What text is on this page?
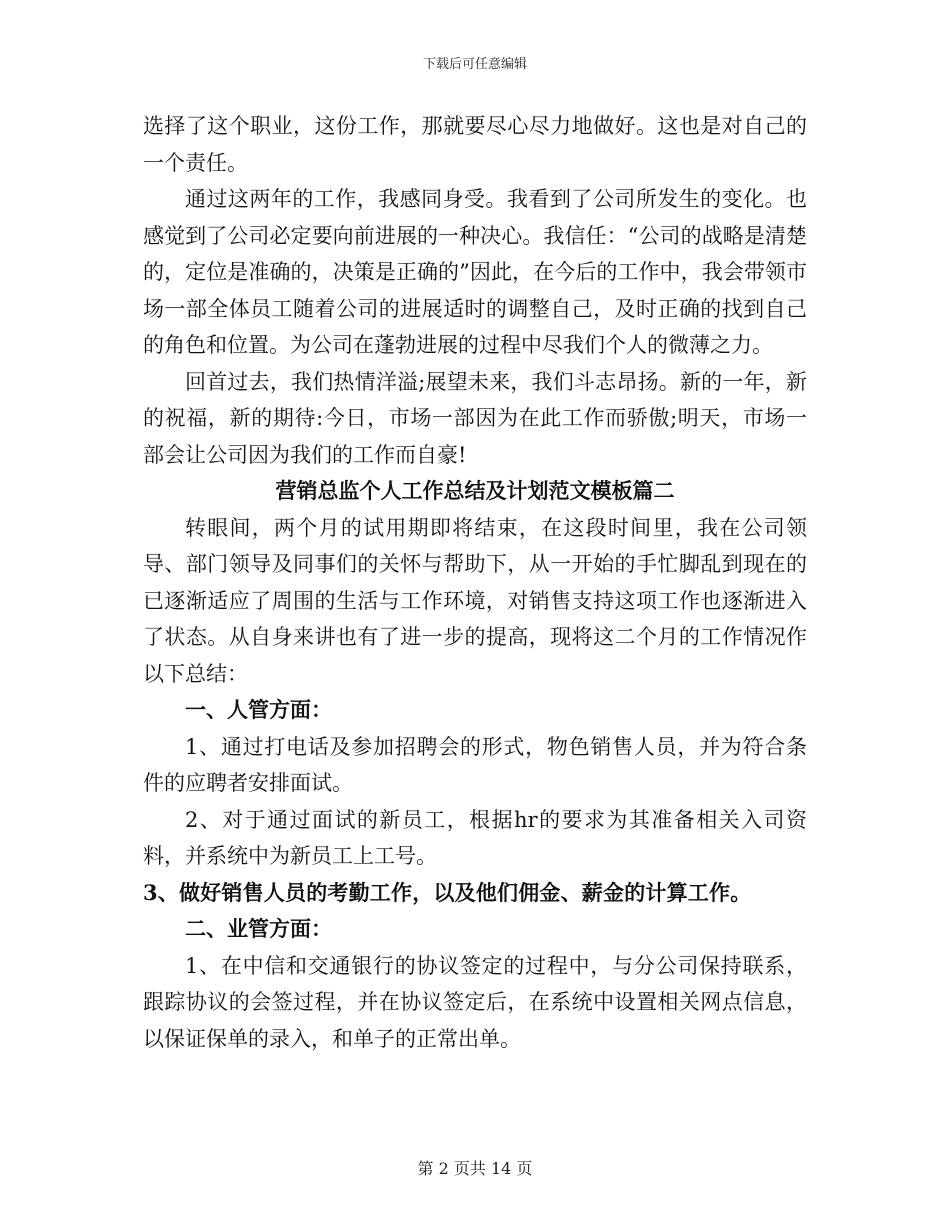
下载后可任意编辑

选择了这个职业，这份工作，那就要尽心尽力地做好。这也是对自己的一个责任。

通过这两年的工作，我感同身受。我看到了公司所发生的变化。也感觉到了公司必定要向前进展的一种决心。我信任：“公司的战略是清楚的，定位是准确的，决策是正确的”因此，在今后的工作中，我会带领市场一部全体员工随着公司的进展适时的调整自己，及时正确的找到自己的角色和位置。为公司在蓬勃进展的过程中尽我们个人的微薄之力。

回首过去，我们热情洋溢;展望未来，我们斗志昂扬。新的一年，新的祝福，新的期待:今日，市场一部因为在此工作而骄傲;明天，市场一部会让公司因为我们的工作而自豪!

营销总监个人工作总结及计划范文模板篇二

转眼间，两个月的试用期即将结束，在这段时间里，我在公司领导、部门领导及同事们的关怀与帮助下，从一开始的手忙脚乱到现在的已逐渐适应了周围的生活与工作环境，对销售支持这项工作也逐渐进入了状态。从自身来讲也有了进一步的提高，现将这二个月的工作情况作以下总结：

一、人管方面：

1、通过打电话及参加招聘会的形式，物色销售人员，并为符合条件的应聘者安排面试。

2、对于通过面试的新员工，根据hr的要求为其准备相关入司资料，并系统中为新员工上工号。

3、做好销售人员的考勤工作，以及他们佣金、薪金的计算工作。

二、业管方面：

1、在中信和交通银行的协议签定的过程中，与分公司保持联系，跟踪协议的会签过程，并在协议签定后，在系统中设置相关网点信息，以保证保单的录入，和单子的正常出单。

第 2 页共 14 页
